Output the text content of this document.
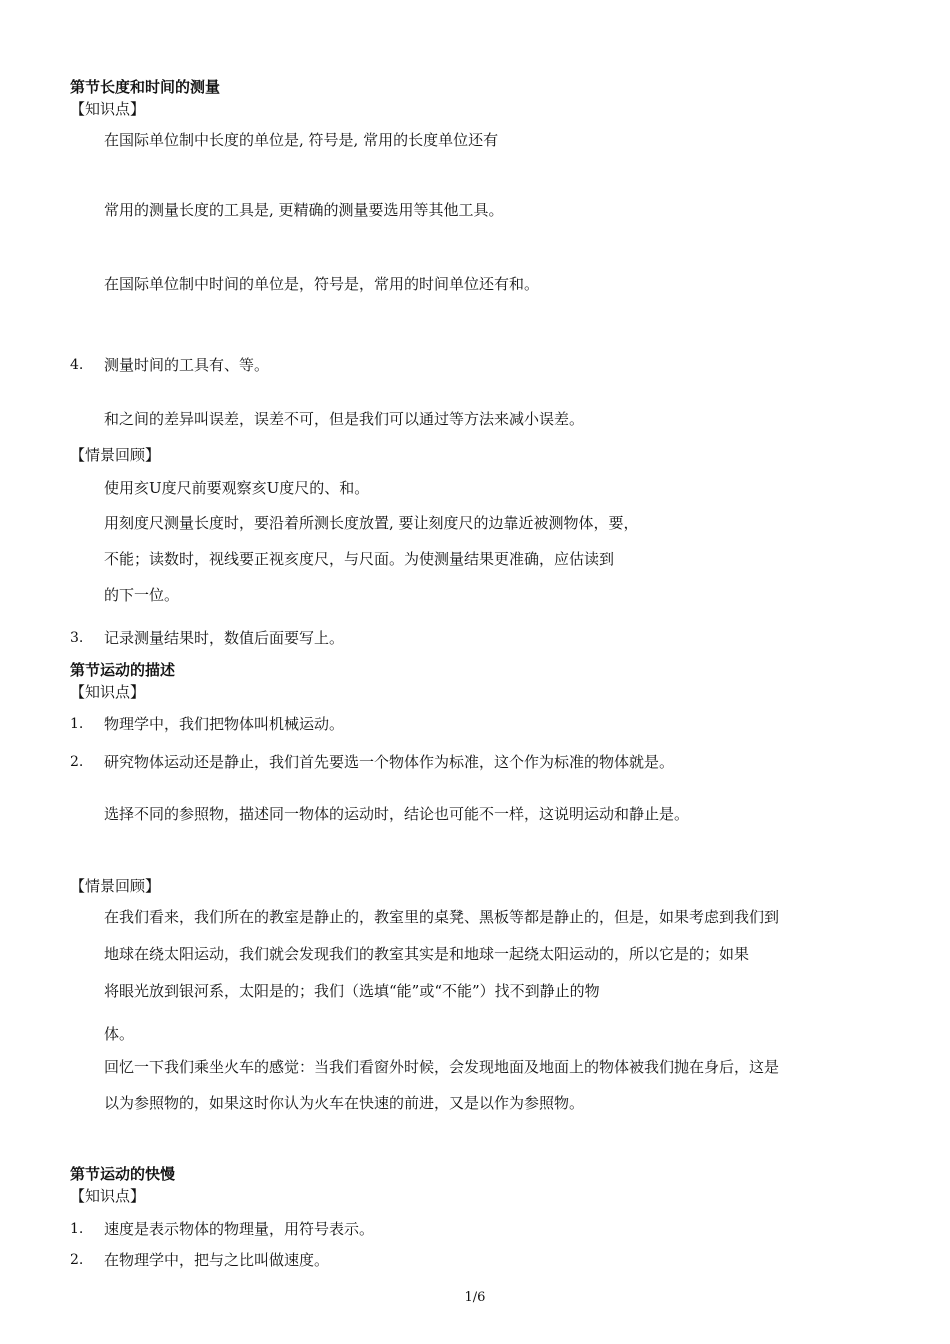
第节长度和时间的测量
【知识点】
在国际单位制中长度的单位是, 符号是, 常用的长度单位还有
常用的测量长度的工具是, 更精确的测量要选用等其他工具。
在国际单位制中时间的单位是，符号是，常用的时间单位还有和。
4. 测量时间的工具有、等。
和之间的差异叫误差，误差不可，但是我们可以通过等方法来减小误差。
【情景回顾】
使用亥U度尺前要观察亥U度尺的、和。
用刻度尺测量长度时，要沿着所测长度放置, 要让刻度尺的边靠近被测物体，要，
不能；读数时，视线要正视亥度尺，与尺面。为使测量结果更准确，应估读到
的下一位。
3. 记录测量结果时，数值后面要写上。
第节运动的描述
【知识点】
1. 物理学中，我们把物体叫机械运动。
2. 研究物体运动还是静止，我们首先要选一个物体作为标准，这个作为标准的物体就是。
选择不同的参照物，描述同一物体的运动时，结论也可能不一样，这说明运动和静止是。
【情景回顾】
在我们看来，我们所在的教室是静止的，教室里的桌凳、黑板等都是静止的，但是，如果考虑到我们到
地球在绕太阳运动，我们就会发现我们的教室其实是和地球一起绕太阳运动的，所以它是的；如果
将眼光放到银河系，太阳是的；我们（选填“能”或“不能”）找不到静止的物
体。
回忆一下我们乘坐火车的感觉：当我们看窗外时候，会发现地面及地面上的物体被我们抛在身后，这是
以为参照物的，如果这时你认为火车在快速的前进，又是以作为参照物。
第节运动的快慢
【知识点】
1. 速度是表示物体的物理量，用符号表示。
2. 在物理学中，把与之比叫做速度。
1/6
